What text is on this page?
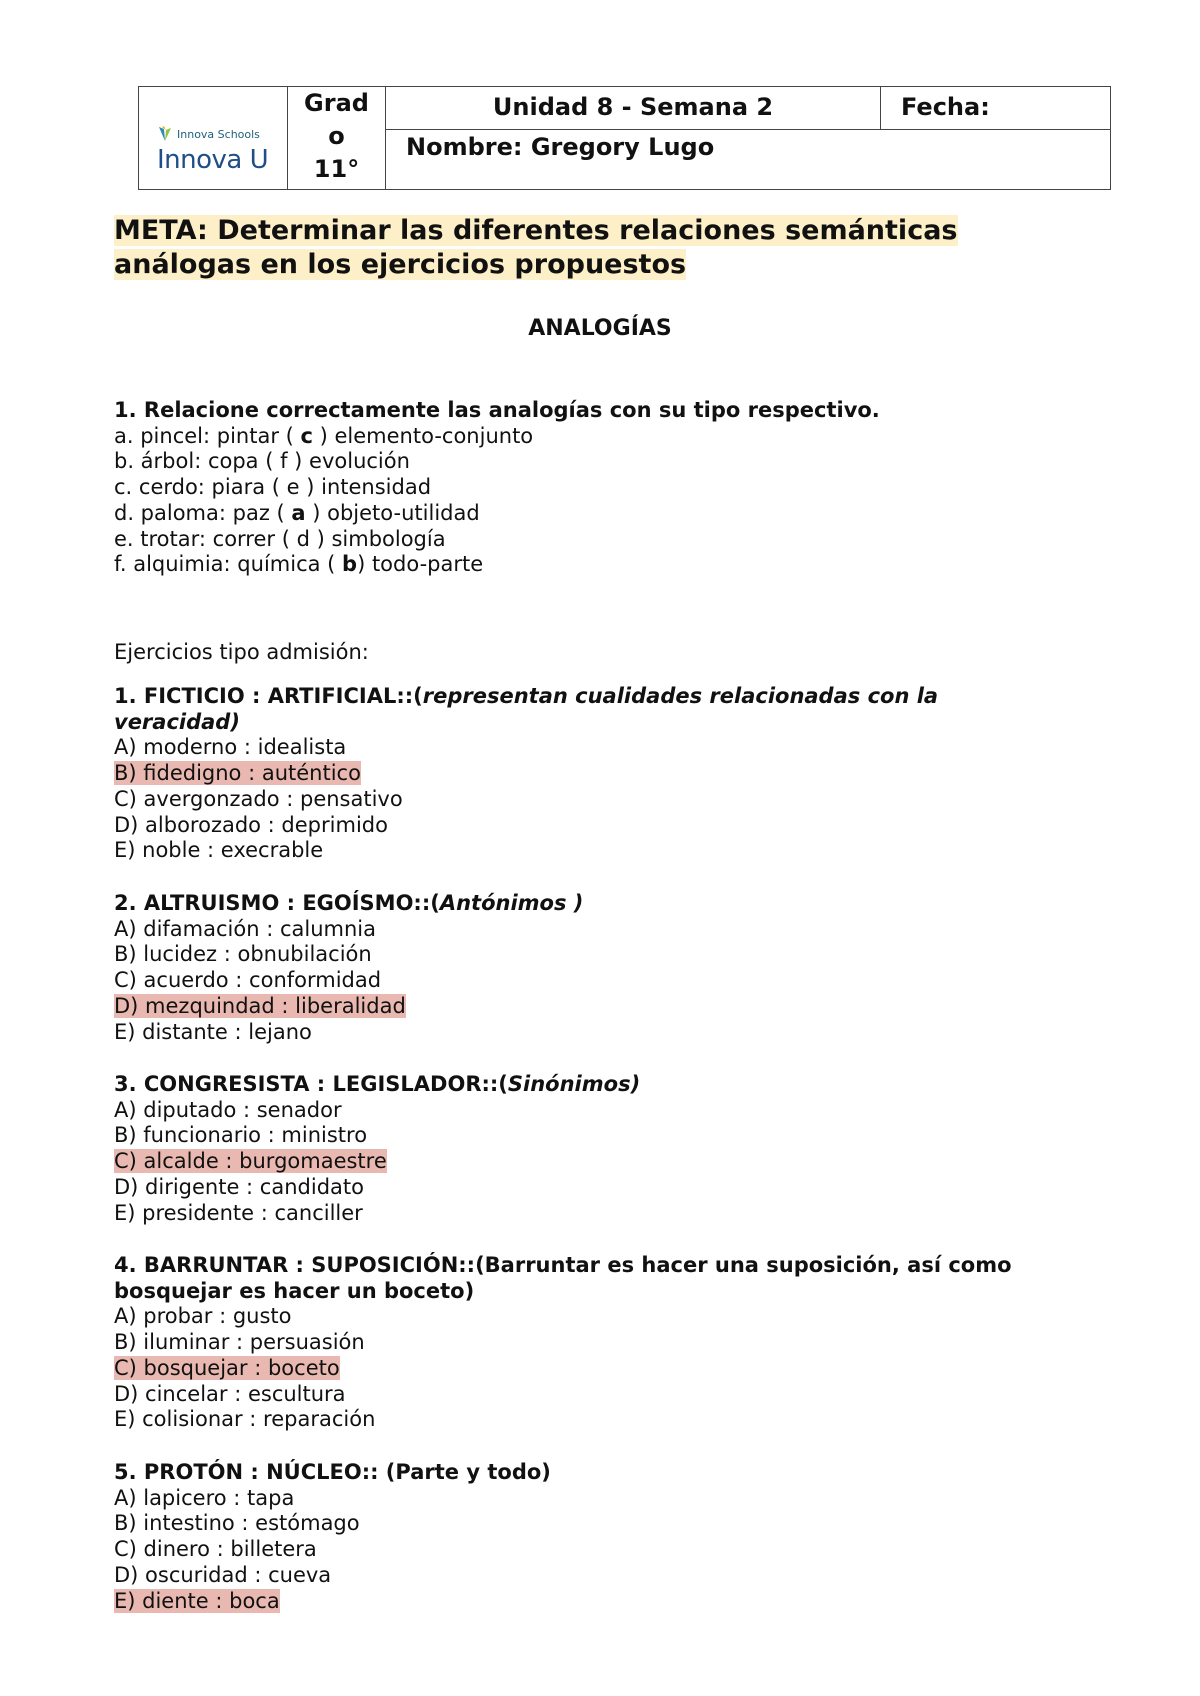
Innova Schools
Innova U
Grad
o
11°
Unidad 8 - Semana 2	Fecha:
Nombre: Gregory Lugo
META: Determinar las diferentes relaciones semánticas
análogas en los ejercicios propuestos
ANALOGÍAS
1. Relacione correctamente las analogías con su tipo respectivo.
a. pincel: pintar ( c ) elemento-conjunto
b. árbol: copa ( f ) evolución
c. cerdo: piara ( e ) intensidad
d. paloma: paz ( a ) objeto-utilidad
e. trotar: correr ( d ) simbología
f. alquimia: química ( b) todo-parte
Ejercicios tipo admisión:
1. FICTICIO : ARTIFICIAL::(representan cualidades relacionadas con la
veracidad)
A) moderno : idealista
B) fidedigno : auténtico
C) avergonzado : pensativo
D) alborozado : deprimido
E) noble : execrable
2. ALTRUISMO : EGOÍSMO::(Antónimos )
A) difamación : calumnia
B) lucidez : obnubilación
C) acuerdo : conformidad
D) mezquindad : liberalidad
E) distante : lejano
3. CONGRESISTA : LEGISLADOR::(Sinónimos)
A) diputado : senador
B) funcionario : ministro
C) alcalde : burgomaestre
D) dirigente : candidato
E) presidente : canciller
4. BARRUNTAR : SUPOSICIÓN::(Barruntar es hacer una suposición, así como
bosquejar es hacer un boceto)
A) probar : gusto
B) iluminar : persuasión
C) bosquejar : boceto
D) cincelar : escultura
E) colisionar : reparación
5. PROTÓN : NÚCLEO:: (Parte y todo)
A) lapicero : tapa
B) intestino : estómago
C) dinero : billetera
D) oscuridad : cueva
E) diente : boca
